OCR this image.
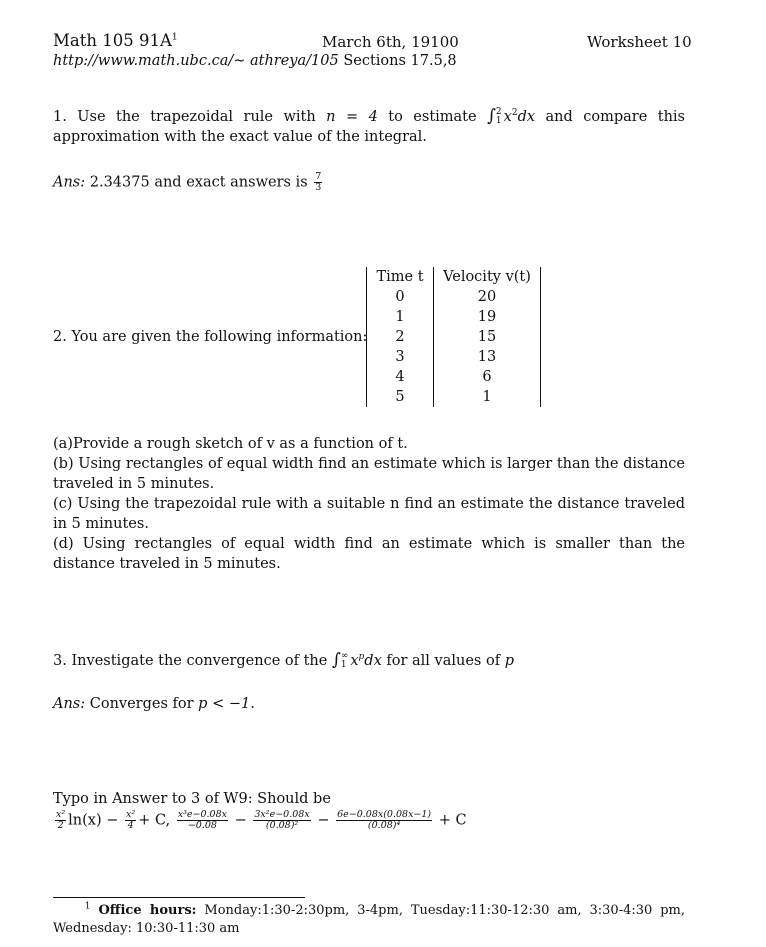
Math 105 $91A^1$	March 6th, 19100	Worksheet 10
http://www.math.ubc.ca/∼ athreya/105 Sections 17.5,8
1. Use the trapezoidal rule with n = 4 to estimate ∫ 2
1 $x^2dx$ and compare this approximation with the exact value of the integral.
Ans: 2.34375 and exact answers is $\frac{7}{3}$
2. You are given the following information:
Time t	Velocity v(t)
0	20
1	19
2	15
3	13
4	6
5	1
(a)Provide a rough sketch of v as a function of t.
(b) Using rectangles of equal width find an estimate which is larger than the distance traveled in 5 minutes.
(c) Using the trapezoidal rule with a suitable n find an estimate the distance traveled in 5 minutes.
(d) Using rectangles of equal width find an estimate which is smaller than the distance traveled in 5 minutes.
3. Investigate the convergence of the ∫ ∞
1 $x^pdx$ for all values of p
Ans: Converges for p < −1.
Typo in Answer to 3 of W9: Should be
$\frac{\text{x²}}{2} \ln(x) - \frac{\text{x²}}{4} + C$, $\frac{\text{x³e−0.08x}}{-0.08} - \frac{\text{3x²e−0.08x}}{\text{(0.08)²}} - \frac{6e-0.08x(0.08x-1)}{\text{(0.08)⁴}} + C$
$^1$ Office hours: Monday:1:30-2:30pm, 3-4pm, Tuesday:11:30-12:30 am, 3:30-4:30 pm, Wednesday: 10:30-11:30 am
